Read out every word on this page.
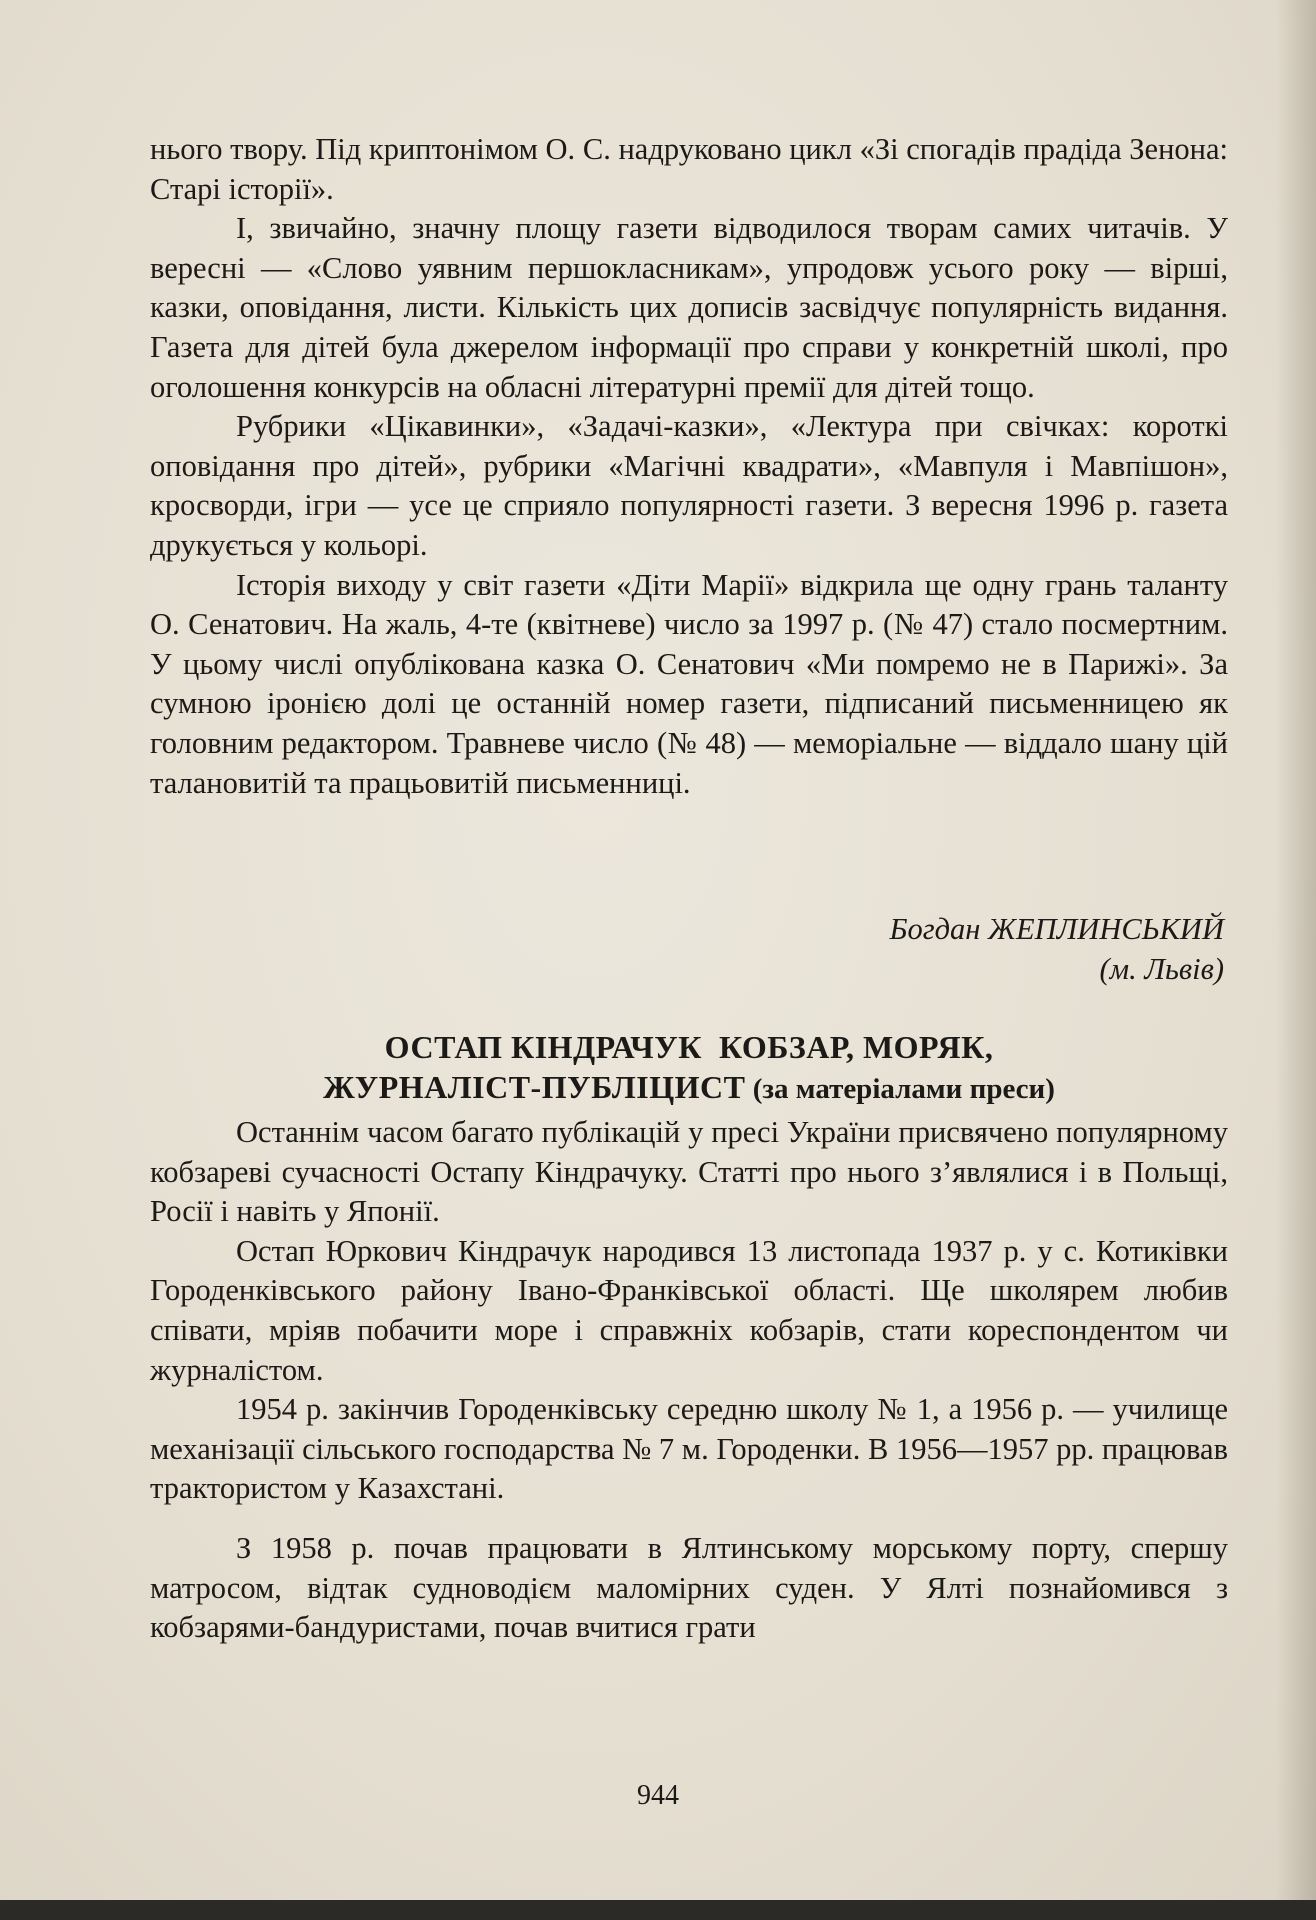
нього твору. Під криптонімом О. С. надруковано цикл «Зі спогадів прадіда Зенона: Старі історії».

І, звичайно, значну площу газети відводилося творам самих читачів. У вересні — «Слово уявним першокласникам», упродовж усього року — вірші, казки, оповідання, листи. Кількість цих дописів засвідчує популярність видання. Газета для дітей була джерелом інформації про справи у конкретній школі, про оголошення конкурсів на обласні літературні премії для дітей тощо.

Рубрики «Цікавинки», «Задачі-казки», «Лектура при свічках: короткі оповідання про дітей», рубрики «Магічні квадрати», «Мавпуля і Мавпішон», кросворди, ігри — усе це сприяло популярності газети. З вересня 1996 р. газета друкується у кольорі.

Історія виходу у світ газети «Діти Марії» відкрила ще одну грань таланту О. Сенатович. На жаль, 4-те (квітневе) число за 1997 р. (№ 47) стало посмертним. У цьому числі опублікована казка О. Сенатович «Ми помремо не в Парижі». За сумною іронією долі це останній номер газети, підписаний письменницею як головним редактором. Травневе число (№ 48) — меморіальне — віддало шану цій талановитій та працьовитій письменниці.

Богдан ЖЕПЛИНСЬКИЙ
(м. Львів)
ОСТАП КІНДРАЧУК  КОБЗАР, МОРЯК,
ЖУРНАЛІСТ-ПУБЛІЦИСТ (за матеріалами преси)

Останнім часом багато публікацій у пресі України присвячено популярному кобзареві сучасності Остапу Кіндрачуку. Статті про нього з’являлися і в Польщі, Росії і навіть у Японії.

Остап Юркович Кіндрачук народився 13 листопада 1937 р. у с. Котиківки Городенківського району Івано-Франківської області. Ще школярем любив співати, мріяв побачити море і справжніх кобзарів, стати кореспондентом чи журналістом.

1954 р. закінчив Городенківську середню школу № 1, а 1956 р. — училище механізації сільського господарства № 7 м. Городенки. В 1956—1957 рр. працював трактористом у Казахстані.

З 1958 р. почав працювати в Ялтинському морському порту, спершу матросом, відтак судноводієм маломірних суден. У Ялті познайомився з кобзарями-бандуристами, почав вчитися грати

944
